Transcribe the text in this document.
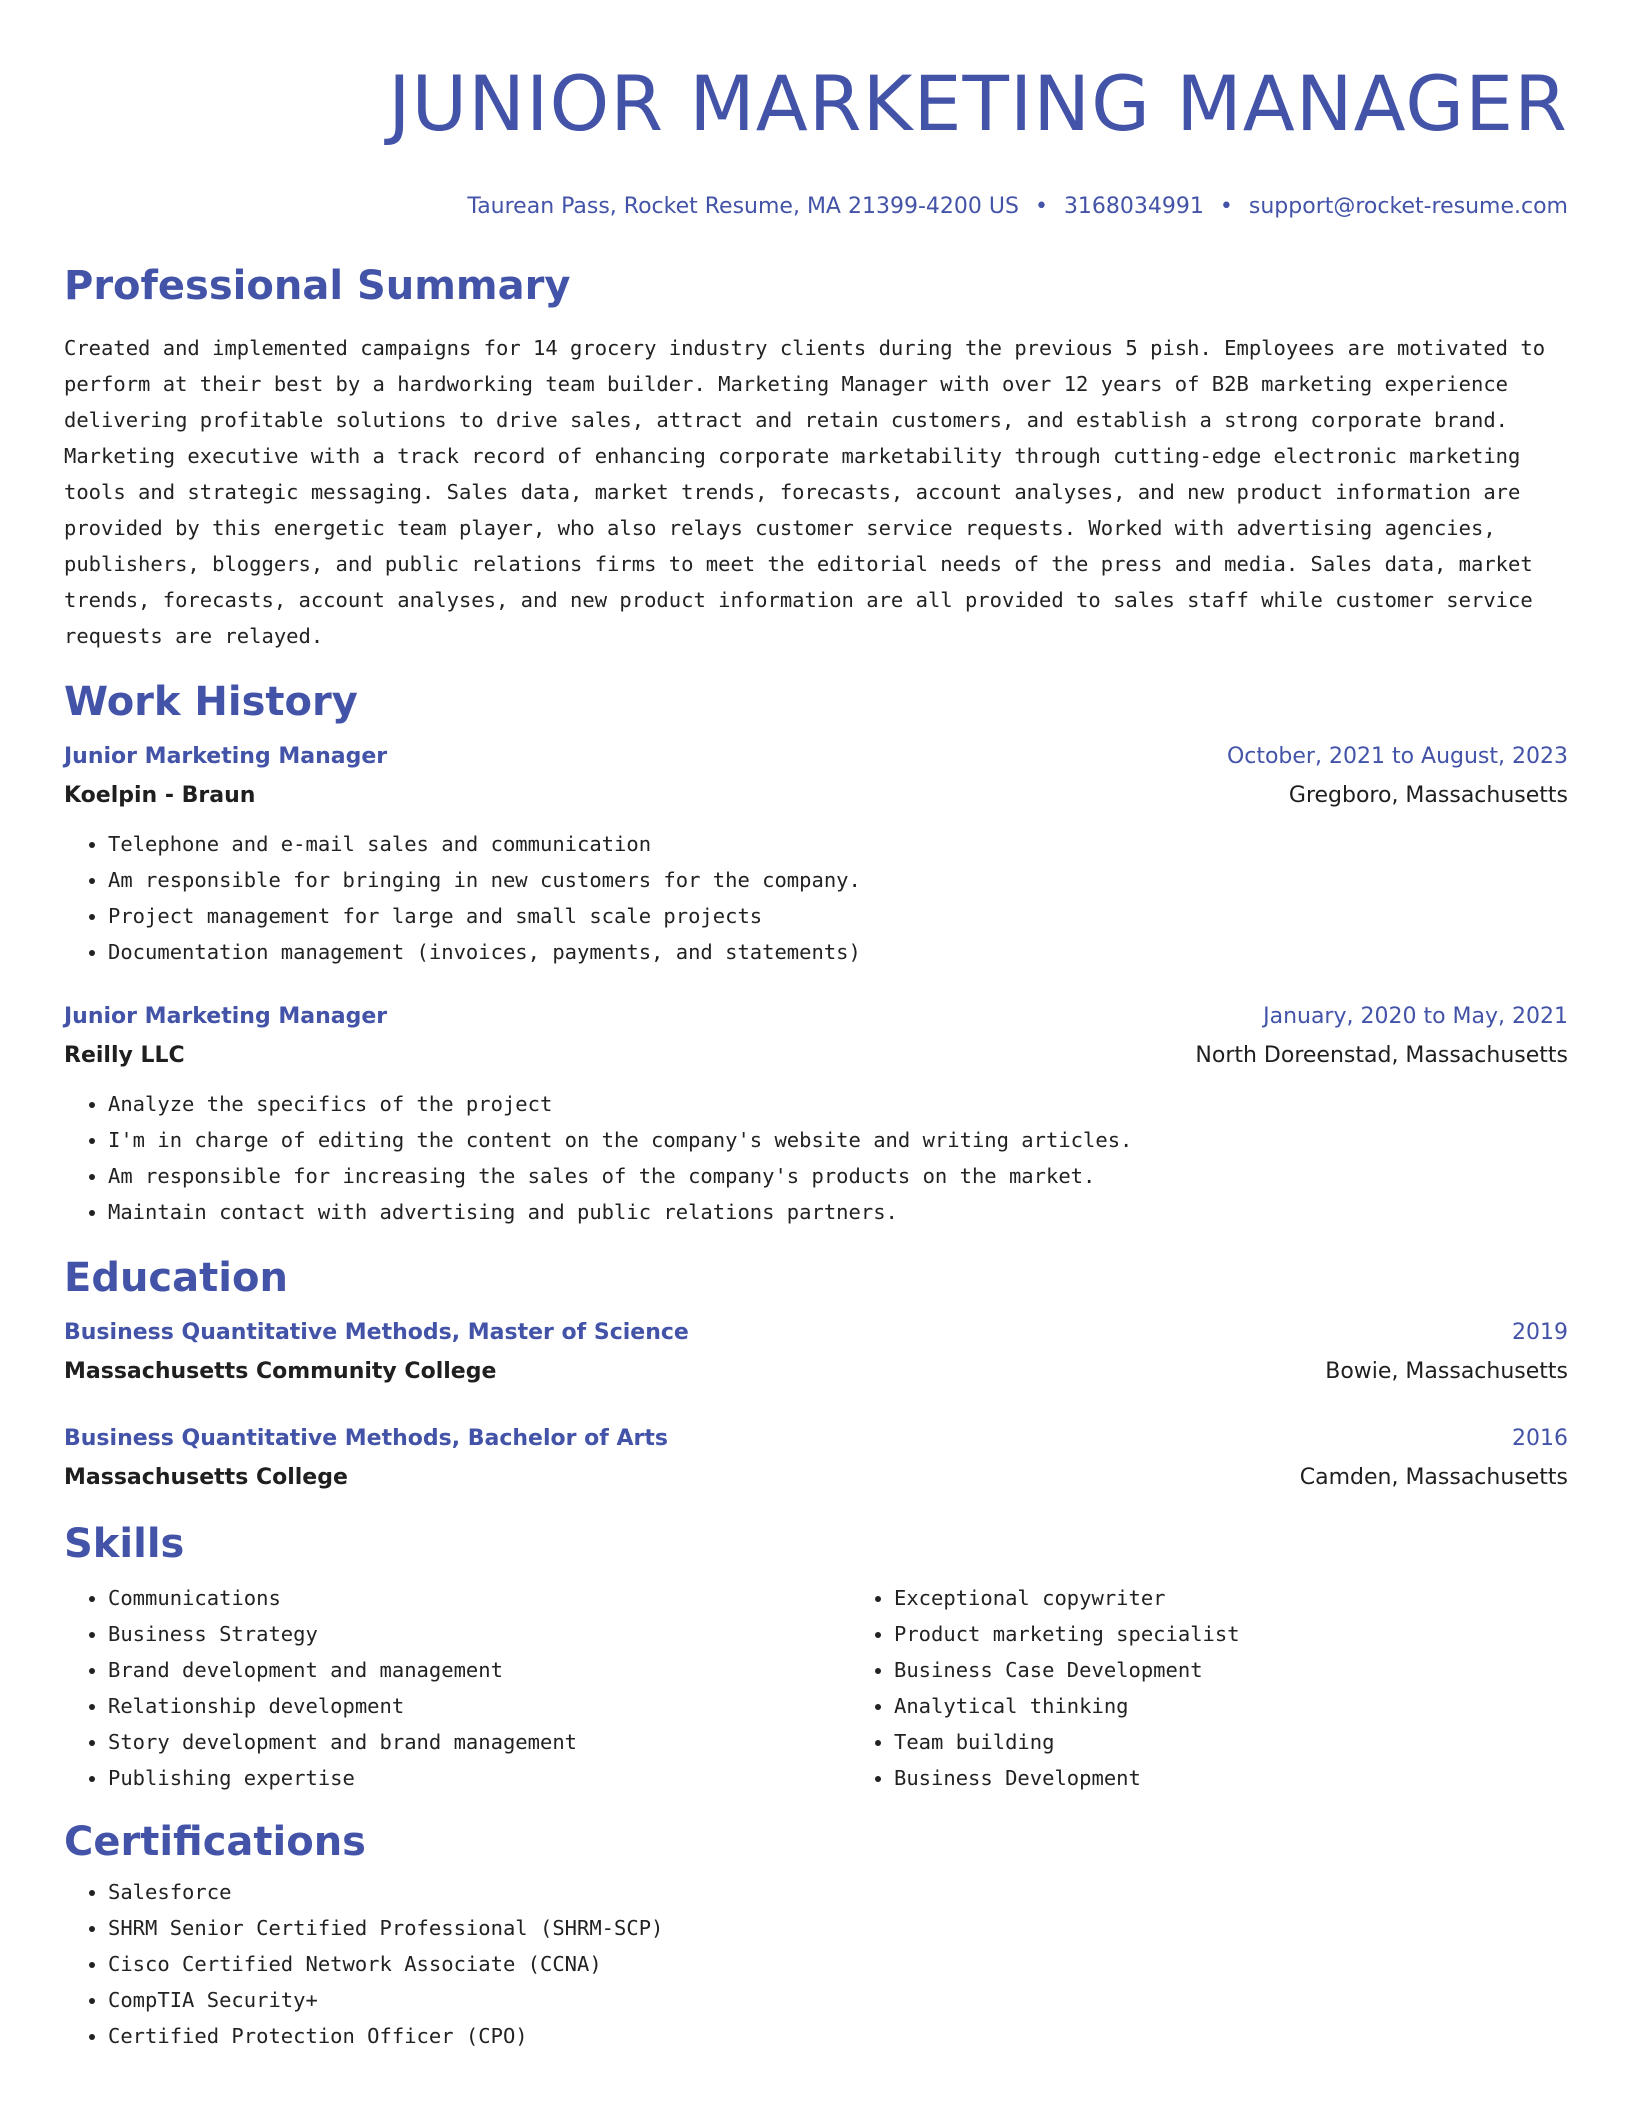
JUNIOR MARKETING MANAGER
Taurean Pass, Rocket Resume, MA 21399-4200 US • 3168034991 • support@rocket-resume.com
Professional Summary
Created and implemented campaigns for 14 grocery industry clients during the previous 5 pish. Employees are motivated to perform at their best by a hardworking team builder. Marketing Manager with over 12 years of B2B marketing experience delivering profitable solutions to drive sales, attract and retain customers, and establish a strong corporate brand. Marketing executive with a track record of enhancing corporate marketability through cutting-edge electronic marketing tools and strategic messaging. Sales data, market trends, forecasts, account analyses, and new product information are provided by this energetic team player, who also relays customer service requests. Worked with advertising agencies, publishers, bloggers, and public relations firms to meet the editorial needs of the press and media. Sales data, market trends, forecasts, account analyses, and new product information are all provided to sales staff while customer service requests are relayed.
Work History
Junior Marketing Manager	October, 2021 to August, 2023
Koelpin - Braun	Gregboro, Massachusetts
• Telephone and e-mail sales and communication
• Am responsible for bringing in new customers for the company.
• Project management for large and small scale projects
• Documentation management (invoices, payments, and statements)
Junior Marketing Manager	January, 2020 to May, 2021
Reilly LLC	North Doreenstad, Massachusetts
• Analyze the specifics of the project
• I'm in charge of editing the content on the company's website and writing articles.
• Am responsible for increasing the sales of the company's products on the market.
• Maintain contact with advertising and public relations partners.
Education
Business Quantitative Methods, Master of Science	2019
Massachusetts Community College	Bowie, Massachusetts
Business Quantitative Methods, Bachelor of Arts	2016
Massachusetts College	Camden, Massachusetts
Skills
• Communications
• Business Strategy
• Brand development and management
• Relationship development
• Story development and brand management
• Publishing expertise
• Exceptional copywriter
• Product marketing specialist
• Business Case Development
• Analytical thinking
• Team building
• Business Development
Certifications
• Salesforce
• SHRM Senior Certified Professional (SHRM-SCP)
• Cisco Certified Network Associate (CCNA)
• CompTIA Security+
• Certified Protection Officer (CPO)
